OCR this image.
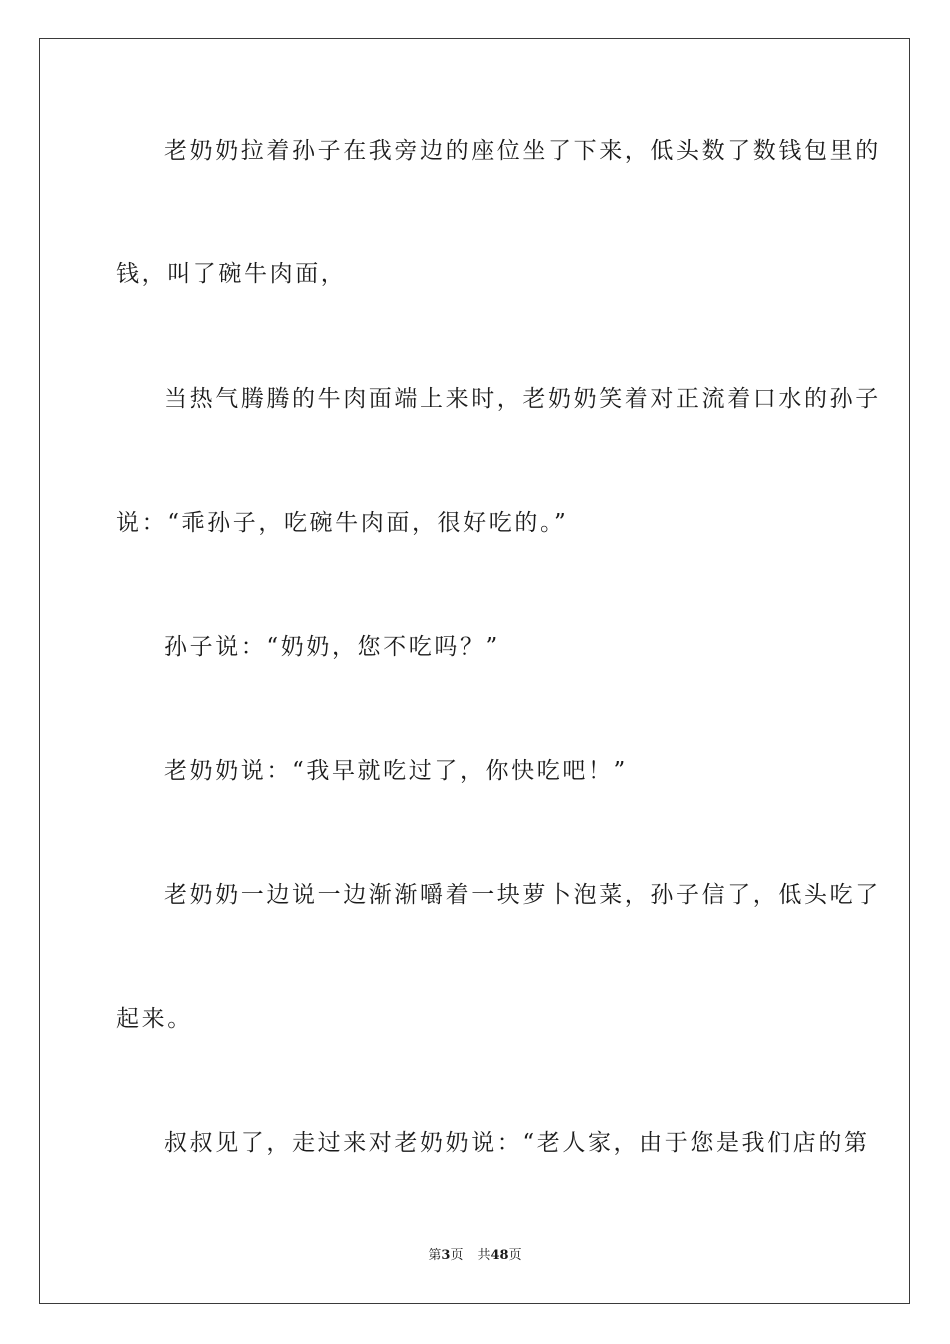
老奶奶拉着孙子在我旁边的座位坐了下来，低头数了数钱包里的
钱，叫了碗牛肉面，
当热气腾腾的牛肉面端上来时，老奶奶笑着对正流着口水的孙子
说：“乖孙子，吃碗牛肉面，很好吃的。”
孙子说：“奶奶，您不吃吗？”
老奶奶说：“我早就吃过了，你快吃吧！”
老奶奶一边说一边渐渐嚼着一块萝卜泡菜，孙子信了，低头吃了
起来。
叔叔见了，走过来对老奶奶说：“老人家，由于您是我们店的第
第3页 共48页
